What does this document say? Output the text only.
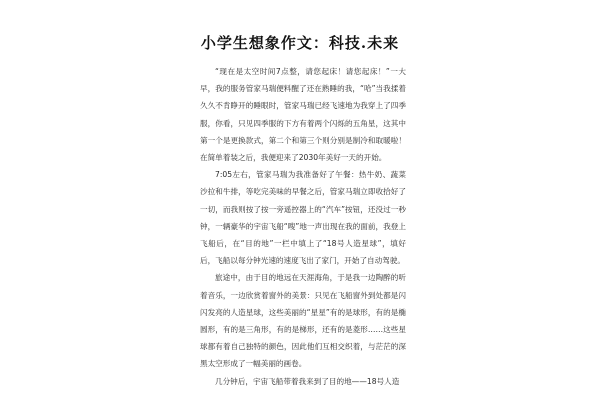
小学生想象作文：科技.未来

“现在是太空时间7点整，请您起床！请您起床！”一大早，我的服务管家马瑞便料醒了还在熟睡的我，“哈”当我揉着久久不肯睁开的睡眼时，管家马瑞已经飞速地为我穿上了四季服，你看，只见四季服的下方有着两个闪烁的五角星，这其中第一个是更换款式，第二个和第三个则分别是制冷和取暖啦！在简单着装之后，我便迎来了2030年美好一天的开始。

7:05左右，管家马瑞为我准备好了午餐：热牛奶、蔬菜沙拉和牛排，等吃完美味的早餐之后，管家马瑞立即收拾好了一切，而我则按了按一旁遥控器上的“汽车”按钮，还没过一秒钟，一辆豪华的宇宙飞船“嗖”地一声出现在我的面前，我登上飞船后，在“目的地”一栏中填上了“18号人造星球”，填好后，飞船以每分钟光速的速度飞出了家门，开始了自动驾驶。

旅途中，由于目的地远在天涯海角，于是我一边陶醉的听着音乐，一边欣赏着窗外的美景：只见在飞船窗外到处都是闪闪发亮的人造星球，这些美丽的“星星”有的是球形，有的是椭圆形，有的是三角形，有的是梯形，还有的是菱形……这些星球都有着自己独特的颜色，因此他们互相交织着，与茫茫的深黑太空形成了一幅美丽的画卷。

几分钟后，宇宙飞船带着我来到了目的地——18号人造
